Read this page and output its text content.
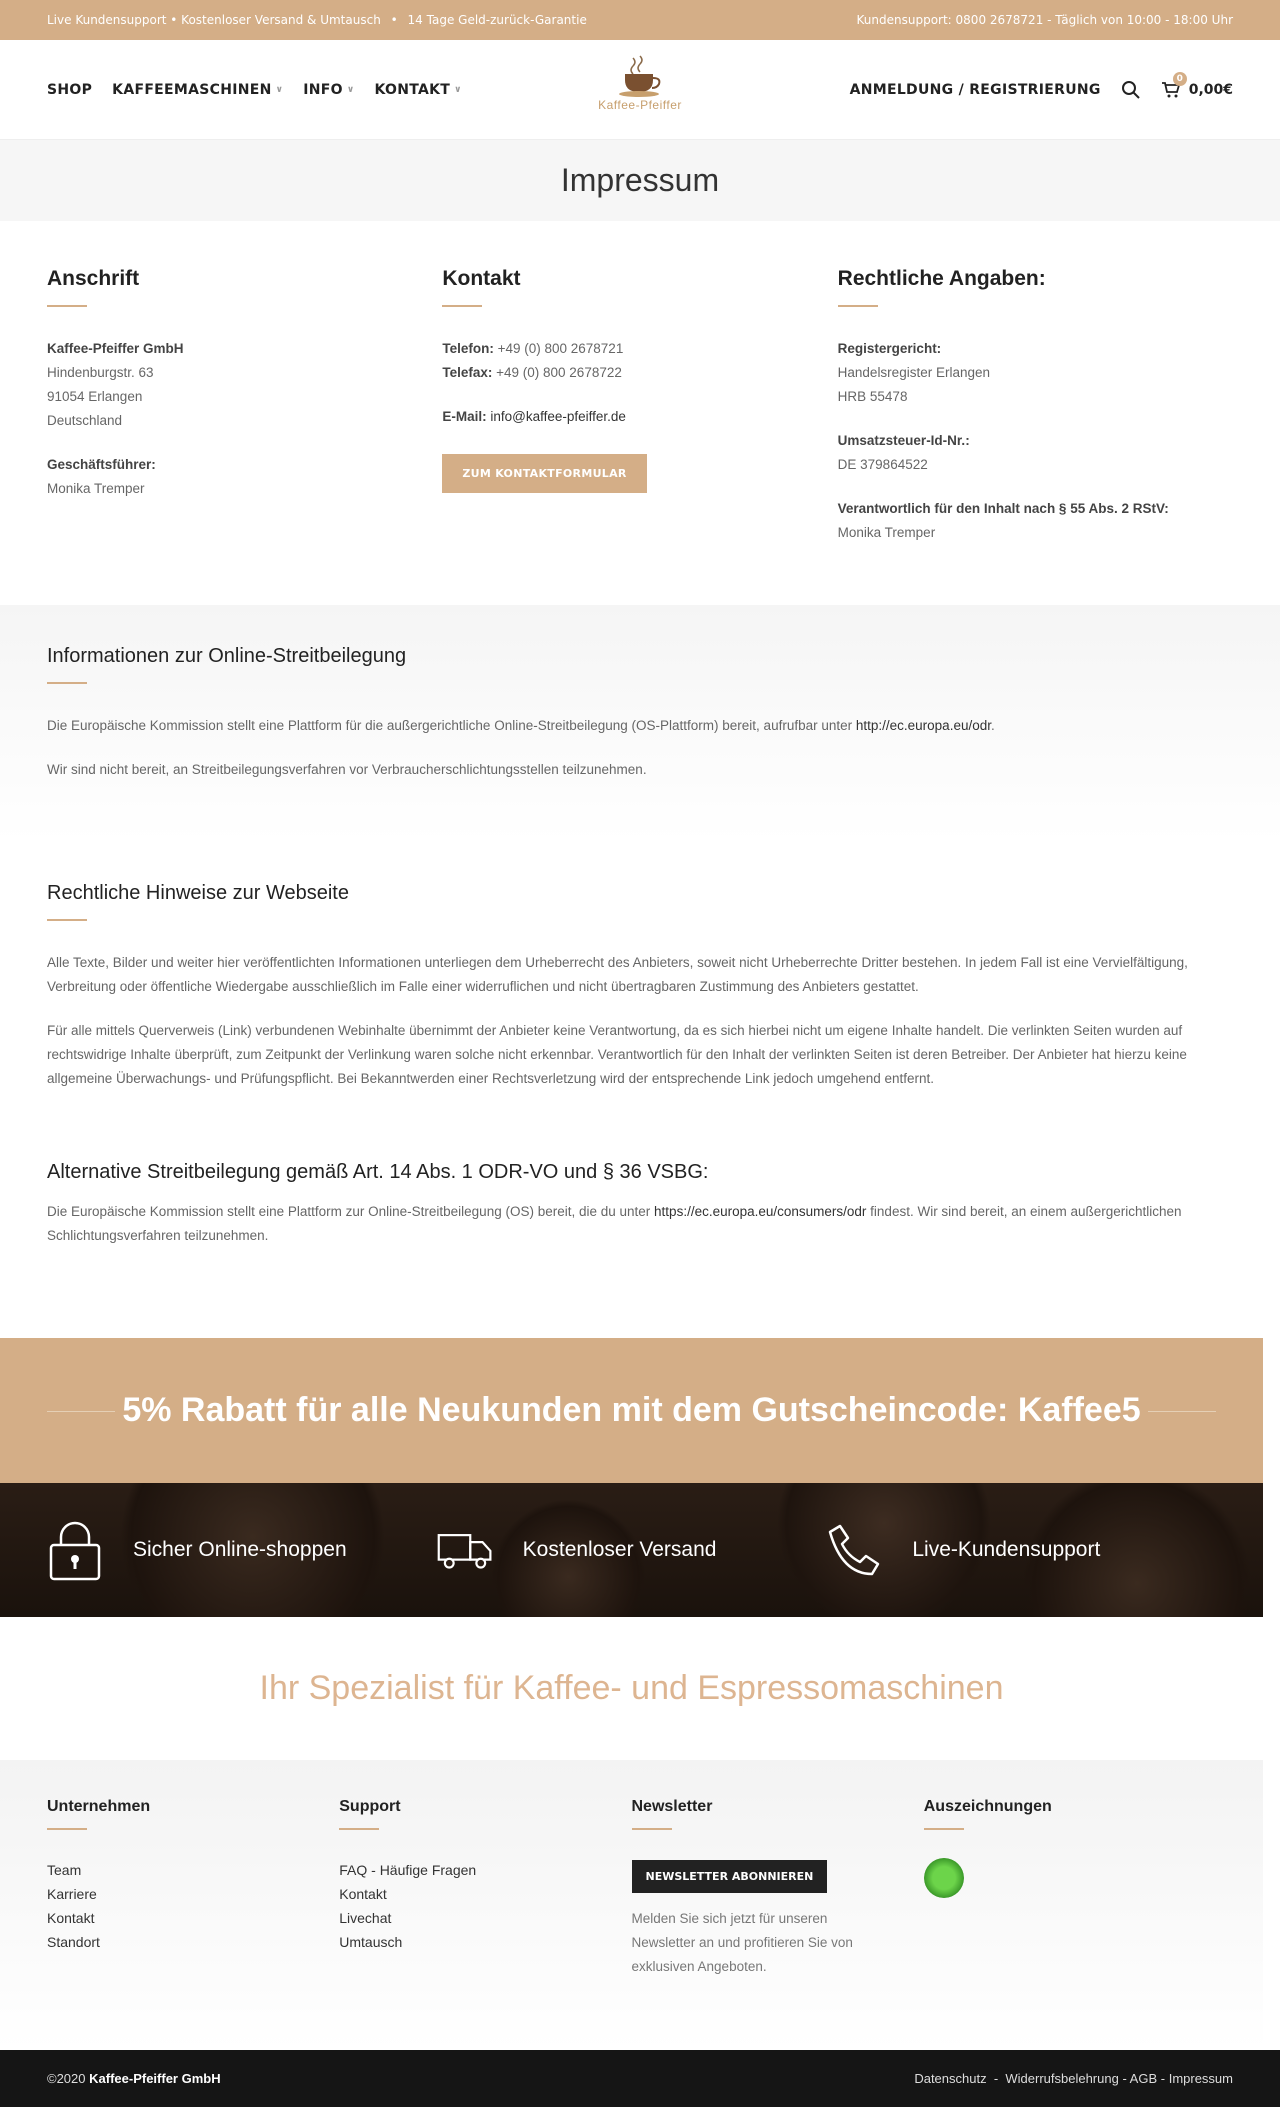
Live Kundensupport • Kostenloser Versand & Umtausch • 14 Tage Geld-zurück-Garantie	Kundensupport: 0800 2678721 - Täglich von 10:00 - 18:00 Uhr
SHOP KAFFEEMASCHINEN ∨ INFO ∨ KONTAKT ∨
Kaffee-Pfeiffer
ANMELDUNG / REGISTRIERUNG
0
0,00€
Impressum
Anschrift

Kaffee-Pfeiffer GmbH
Hindenburgstr. 63
91054 Erlangen
Deutschland

Geschäftsführer:
Monika Tremper

Kontakt

Telefon: +49 (0) 800 2678721
Telefax: +49 (0) 800 2678722

E-Mail: info@kaffee-pfeiffer.de

ZUM KONTAKTFORMULAR
Rechtliche Angaben:

Registergericht:
Handelsregister Erlangen
HRB 55478

Umsatzsteuer-Id-Nr.:
DE 379864522

Verantwortlich für den Inhalt nach § 55 Abs. 2 RStV:
Monika Tremper

Informationen zur Online-Streitbeilegung

Die Europäische Kommission stellt eine Plattform für die außergerichtliche Online-Streitbeilegung (OS-Plattform) bereit, aufrufbar unter http://ec.europa.eu/odr.

Wir sind nicht bereit, an Streitbeilegungsverfahren vor Verbraucherschlichtungsstellen teilzunehmen.

Rechtliche Hinweise zur Webseite

Alle Texte, Bilder und weiter hier veröffentlichten Informationen unterliegen dem Urheberrecht des Anbieters, soweit nicht Urheberrechte Dritter bestehen. In jedem Fall ist eine Vervielfältigung, Verbreitung oder öffentliche Wiedergabe ausschließlich im Falle einer widerruflichen und nicht übertragbaren Zustimmung des Anbieters gestattet.

Für alle mittels Querverweis (Link) verbundenen Webinhalte übernimmt der Anbieter keine Verantwortung, da es sich hierbei nicht um eigene Inhalte handelt. Die verlinkten Seiten wurden auf rechtswidrige Inhalte überprüft, zum Zeitpunkt der Verlinkung waren solche nicht erkennbar. Verantwortlich für den Inhalt der verlinkten Seiten ist deren Betreiber. Der Anbieter hat hierzu keine allgemeine Überwachungs- und Prüfungspflicht. Bei Bekanntwerden einer Rechtsverletzung wird der entsprechende Link jedoch umgehend entfernt.

Alternative Streitbeilegung gemäß Art. 14 Abs. 1 ODR-VO und § 36 VSBG:

Die Europäische Kommission stellt eine Plattform zur Online-Streitbeilegung (OS) bereit, die du unter https://ec.europa.eu/consumers/odr findest. Wir sind bereit, an einem außergerichtlichen Schlichtungsverfahren teilzunehmen.

5% Rabatt für alle Neukunden mit dem Gutscheincode: Kaffee5
Sicher Online-shoppen	Kostenloser Versand	Live-Kundensupport
Ihr Spezialist für Kaffee- und Espressomaschinen
Unternehmen
Team
Karriere
Kontakt
Standort
Support
FAQ - Häufige Fragen
Kontakt
Livechat
Umtausch
Newsletter
NEWSLETTER ABONNIEREN
Melden Sie sich jetzt für unseren Newsletter an und profitieren Sie von exklusiven Angeboten.
Auszeichnungen
©2020 Kaffee-Pfeiffer GmbH	Datenschutz  -  Widerrufsbelehrung - AGB - Impressum
